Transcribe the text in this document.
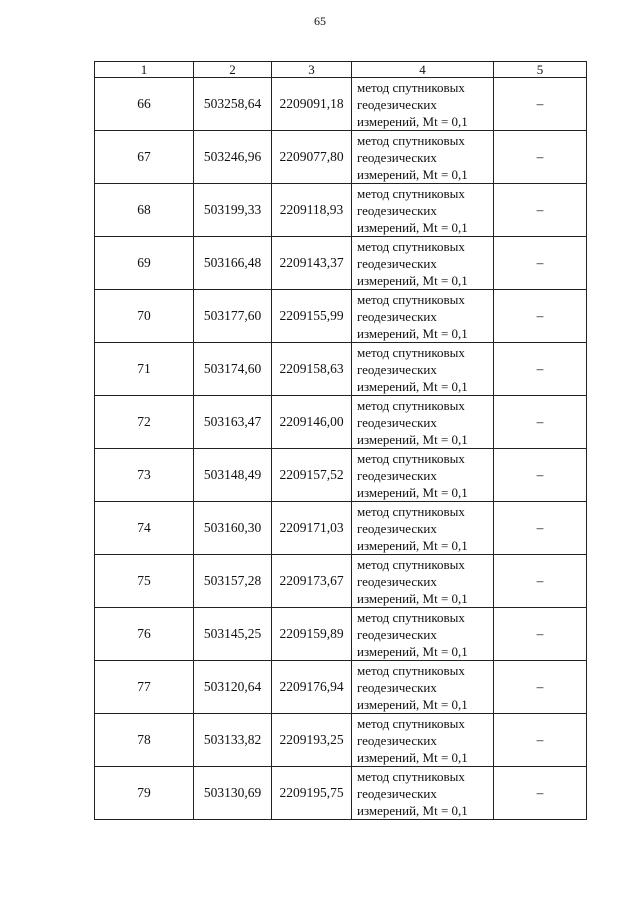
65
1	2	3	4	5
66	503258,64	2209091,18	метод спутниковых
геодезических
измерений, Mt = 0,1	–
67	503246,96	2209077,80	метод спутниковых
геодезических
измерений, Mt = 0,1	–
68	503199,33	2209118,93	метод спутниковых
геодезических
измерений, Mt = 0,1	–
69	503166,48	2209143,37	метод спутниковых
геодезических
измерений, Mt = 0,1	–
70	503177,60	2209155,99	метод спутниковых
геодезических
измерений, Mt = 0,1	–
71	503174,60	2209158,63	метод спутниковых
геодезических
измерений, Mt = 0,1	–
72	503163,47	2209146,00	метод спутниковых
геодезических
измерений, Mt = 0,1	–
73	503148,49	2209157,52	метод спутниковых
геодезических
измерений, Mt = 0,1	–
74	503160,30	2209171,03	метод спутниковых
геодезических
измерений, Mt = 0,1	–
75	503157,28	2209173,67	метод спутниковых
геодезических
измерений, Mt = 0,1	–
76	503145,25	2209159,89	метод спутниковых
геодезических
измерений, Mt = 0,1	–
77	503120,64	2209176,94	метод спутниковых
геодезических
измерений, Mt = 0,1	–
78	503133,82	2209193,25	метод спутниковых
геодезических
измерений, Mt = 0,1	–
79	503130,69	2209195,75	метод спутниковых
геодезических
измерений, Mt = 0,1	–
